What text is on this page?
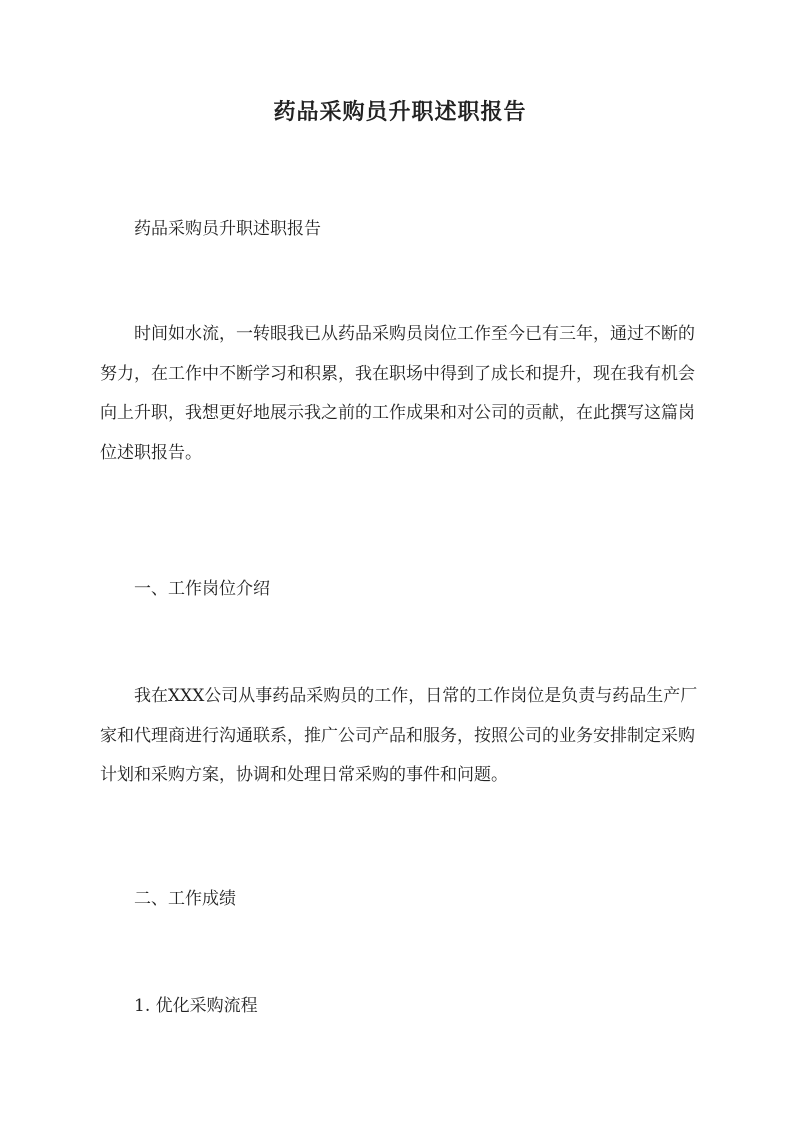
药品采购员升职述职报告

药品采购员升职述职报告

时间如水流，一转眼我已从药品采购员岗位工作至今已有三年，通过不断的努力，在工作中不断学习和积累，我在职场中得到了成长和提升，现在我有机会向上升职，我想更好地展示我之前的工作成果和对公司的贡献，在此撰写这篇岗位述职报告。

一、工作岗位介绍

我在XXX公司从事药品采购员的工作，日常的工作岗位是负责与药品生产厂家和代理商进行沟通联系，推广公司产品和服务，按照公司的业务安排制定采购计划和采购方案，协调和处理日常采购的事件和问题。

二、工作成绩

1. 优化采购流程
